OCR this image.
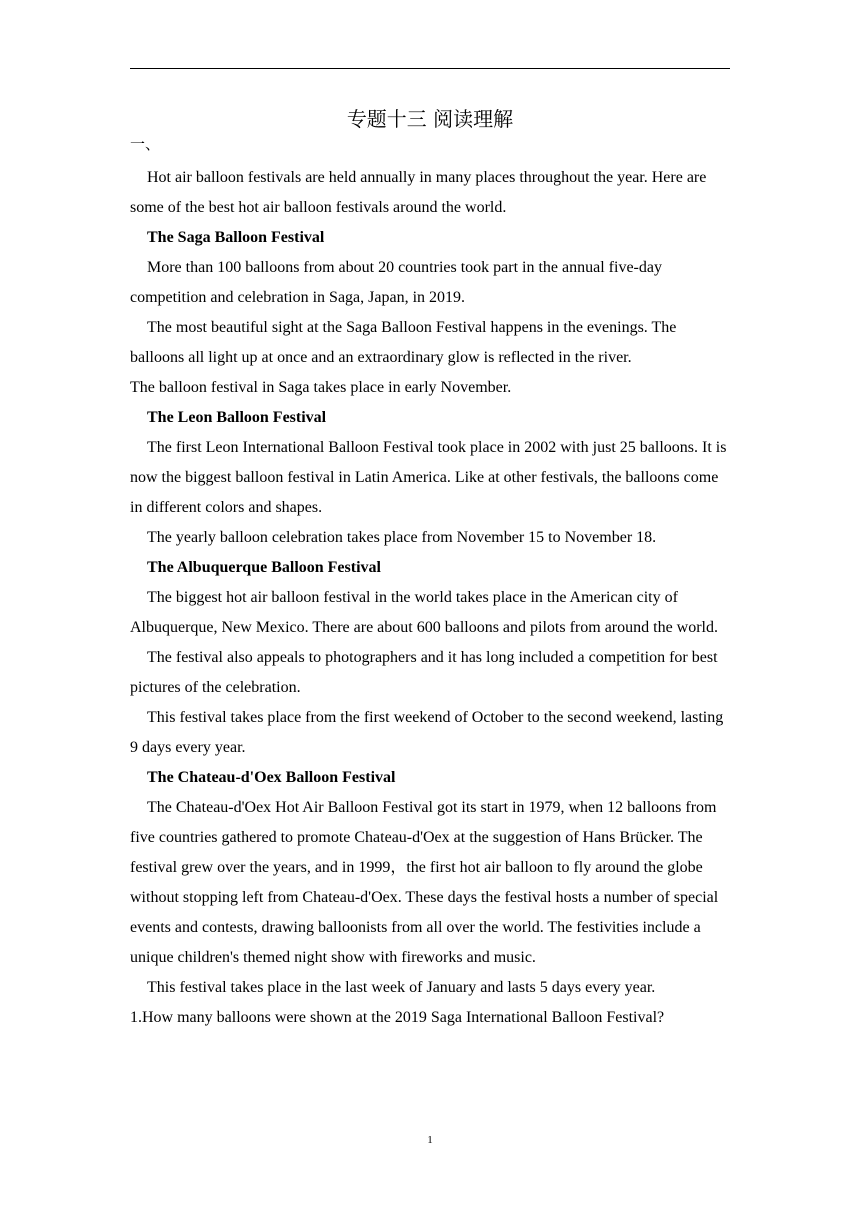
专题十三 阅读理解
一、

Hot air balloon festivals are held annually in many places throughout the year. Here are some of the best hot air balloon festivals around the world.

The Saga Balloon Festival

More than 100 balloons from about 20 countries took part in the annual five-day competition and celebration in Saga, Japan, in 2019.

The most beautiful sight at the Saga Balloon Festival happens in the evenings. The balloons all light up at once and an extraordinary glow is reflected in the river.

The balloon festival in Saga takes place in early November.

The Leon Balloon Festival

The first Leon International Balloon Festival took place in 2002 with just 25 balloons. It is now the biggest balloon festival in Latin America. Like at other festivals, the balloons come in different colors and shapes.

The yearly balloon celebration takes place from November 15 to November 18.

The Albuquerque Balloon Festival

The biggest hot air balloon festival in the world takes place in the American city of Albuquerque, New Mexico. There are about 600 balloons and pilots from around the world.

The festival also appeals to photographers and it has long included a competition for best pictures of the celebration.

This festival takes place from the first weekend of October to the second weekend, lasting 9 days every year.

The Chateau-d'Oex Balloon Festival

The Chateau-d'Oex Hot Air Balloon Festival got its start in 1979, when 12 balloons from five countries gathered to promote Chateau-d'Oex at the suggestion of Hans Brücker. The festival grew over the years, and in 1999，the first hot air balloon to fly around the globe without stopping left from Chateau-d'Oex. These days the festival hosts a number of special events and contests, drawing balloonists from all over the world. The festivities include a unique children's themed night show with fireworks and music.

This festival takes place in the last week of January and lasts 5 days every year.

1.How many balloons were shown at the 2019 Saga International Balloon Festival?

1
